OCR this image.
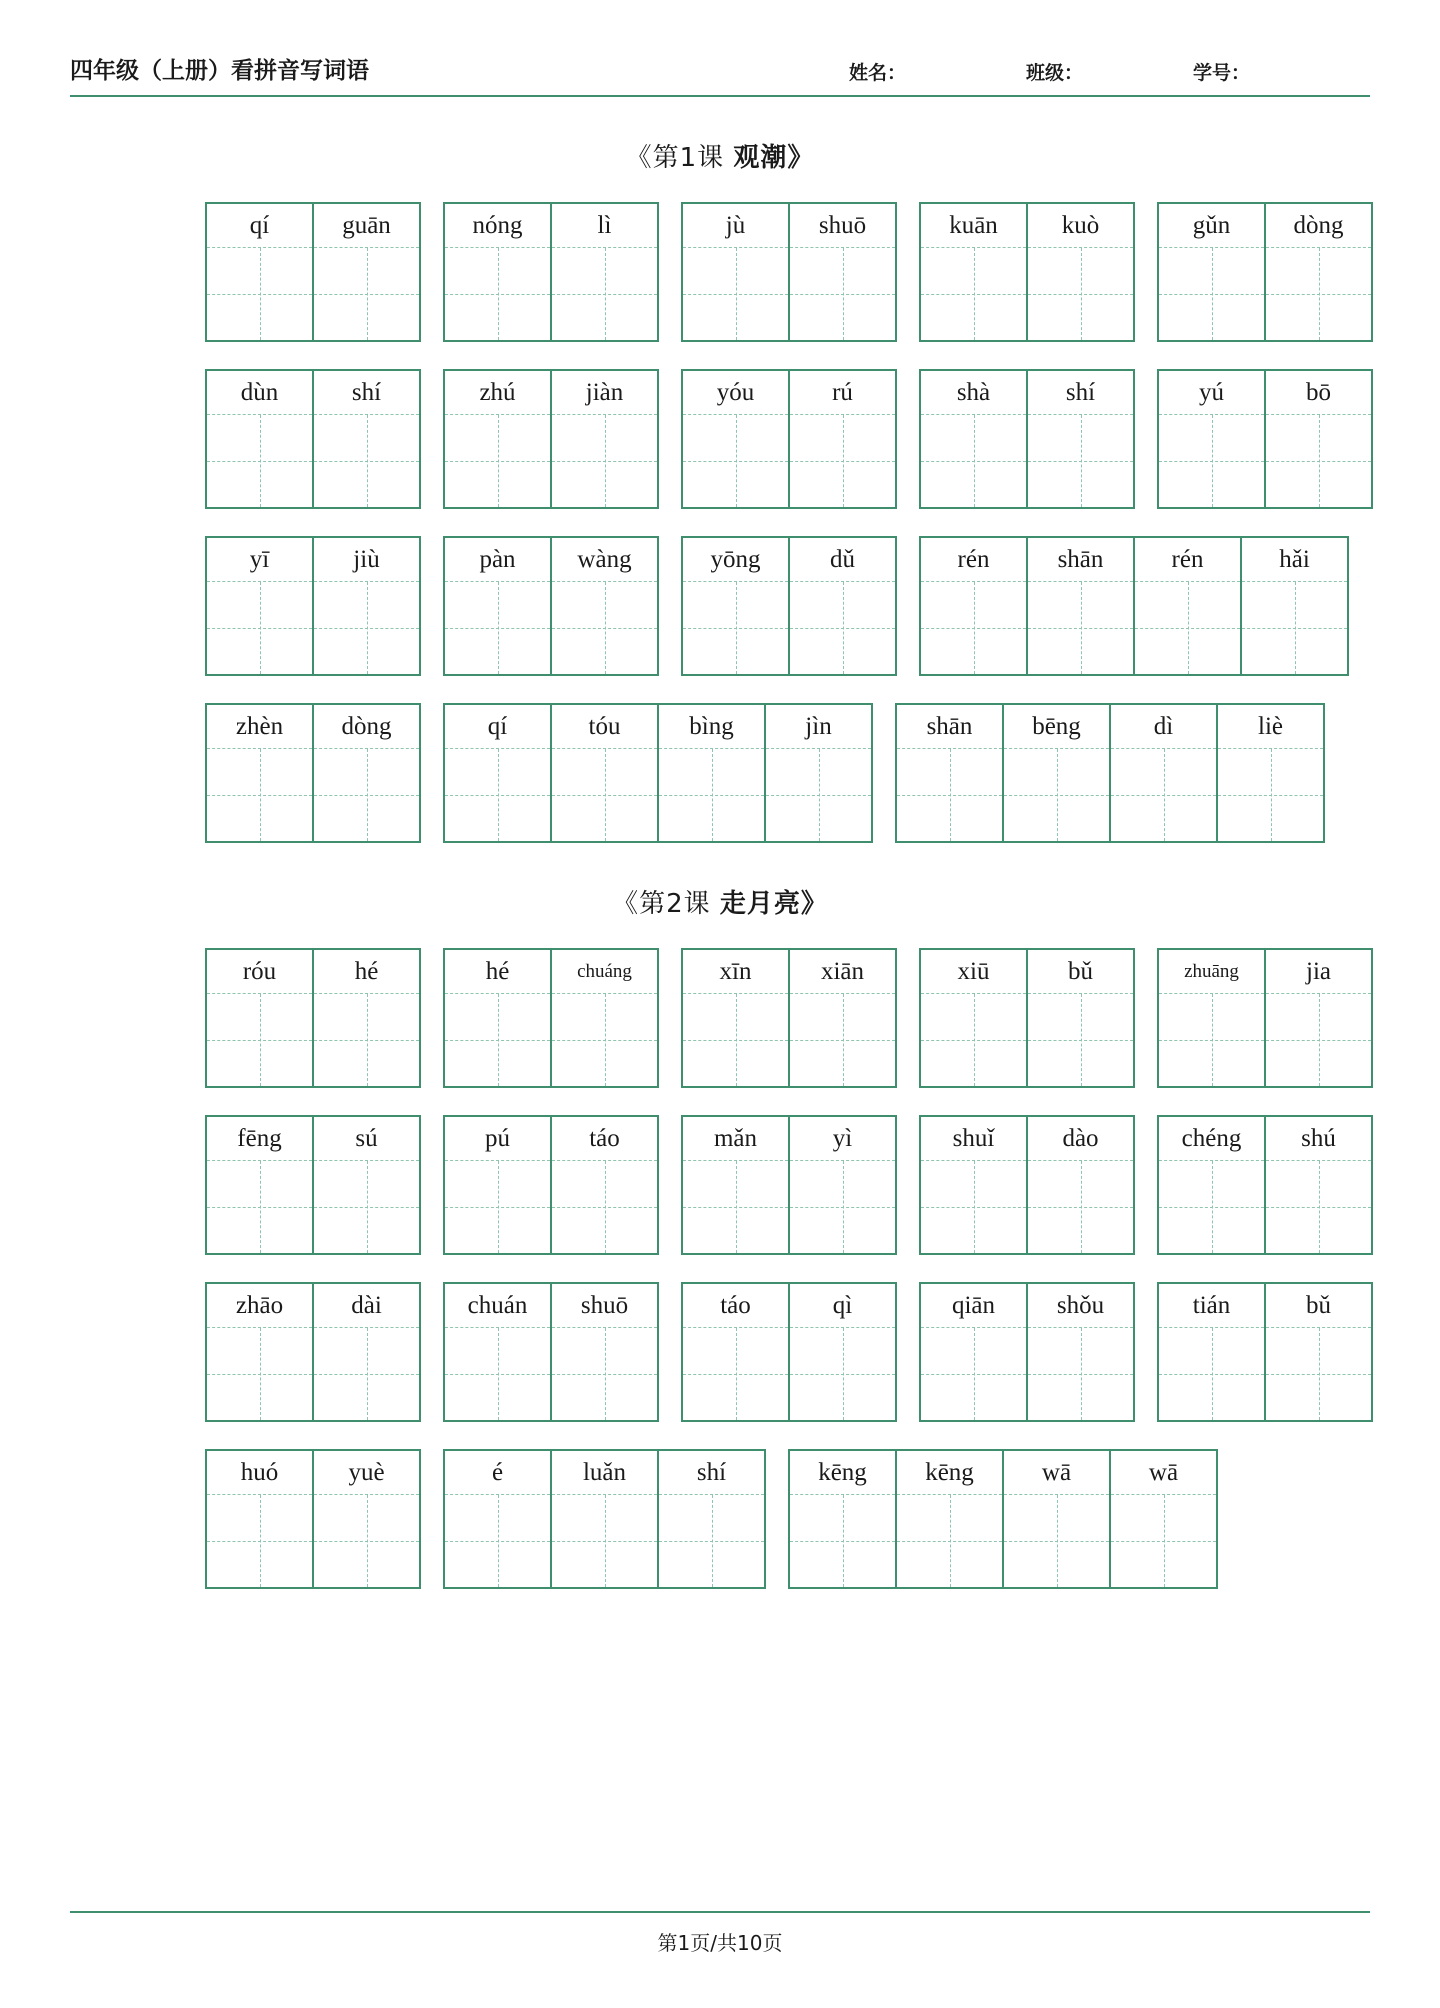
四年级（上册）看拼音写词语	姓名：	班级：	学号：
《第1课 观潮》
qí	guān	nóng	lì	jù	shuō	kuān	kuò	gǔn	dòng
dùn	shí	zhú	jiàn	yóu	rú	shà	shí	yú	bō
yī	jiù	pàn	wàng	yōng	dǔ	rén	shān	rén	hǎi
zhèn	dòng	qí	tóu	bìng	jìn	shān	bēng	dì	liè
《第2课 走月亮》
róu	hé	hé	chuáng	xīn	xiān	xiū	bǔ	zhuāng	jia
fēng	sú	pú	táo	mǎn	yì	shuǐ	dào	chéng	shú
zhāo	dài	chuán	shuō	táo	qì	qiān	shǒu	tián	bǔ
huó	yuè	é	luǎn	shí	kēng	kēng	wā	wā
第1页/共10页
